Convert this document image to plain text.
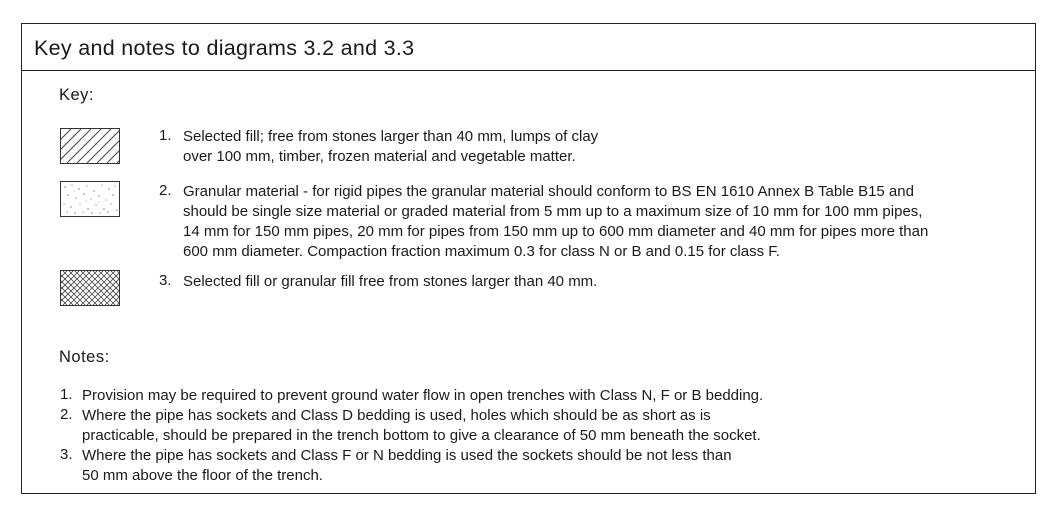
Key and notes to diagrams 3.2 and 3.3
Key:
1. Selected fill; free from stones larger than 40 mm, lumps of clay
over 100 mm, timber, frozen material and vegetable matter.
2. Granular material - for rigid pipes the granular material should conform to BS EN 1610 Annex B Table B15 and
should be single size material or graded material from 5 mm up to a maximum size of 10 mm for 100 mm pipes,
14 mm for 150 mm pipes, 20 mm for pipes from 150 mm up to 600 mm diameter and 40 mm for pipes more than
600 mm diameter. Compaction fraction maximum 0.3 for class N or B and 0.15 for class F.
3. Selected fill or granular fill free from stones larger than 40 mm.
Notes:
1. Provision may be required to prevent ground water flow in open trenches with Class N, F or B bedding.
2. Where the pipe has sockets and Class D bedding is used, holes which should be as short as is
practicable, should be prepared in the trench bottom to give a clearance of 50 mm beneath the socket.
3. Where the pipe has sockets and Class F or N bedding is used the sockets should be not less than
50 mm above the floor of the trench.
